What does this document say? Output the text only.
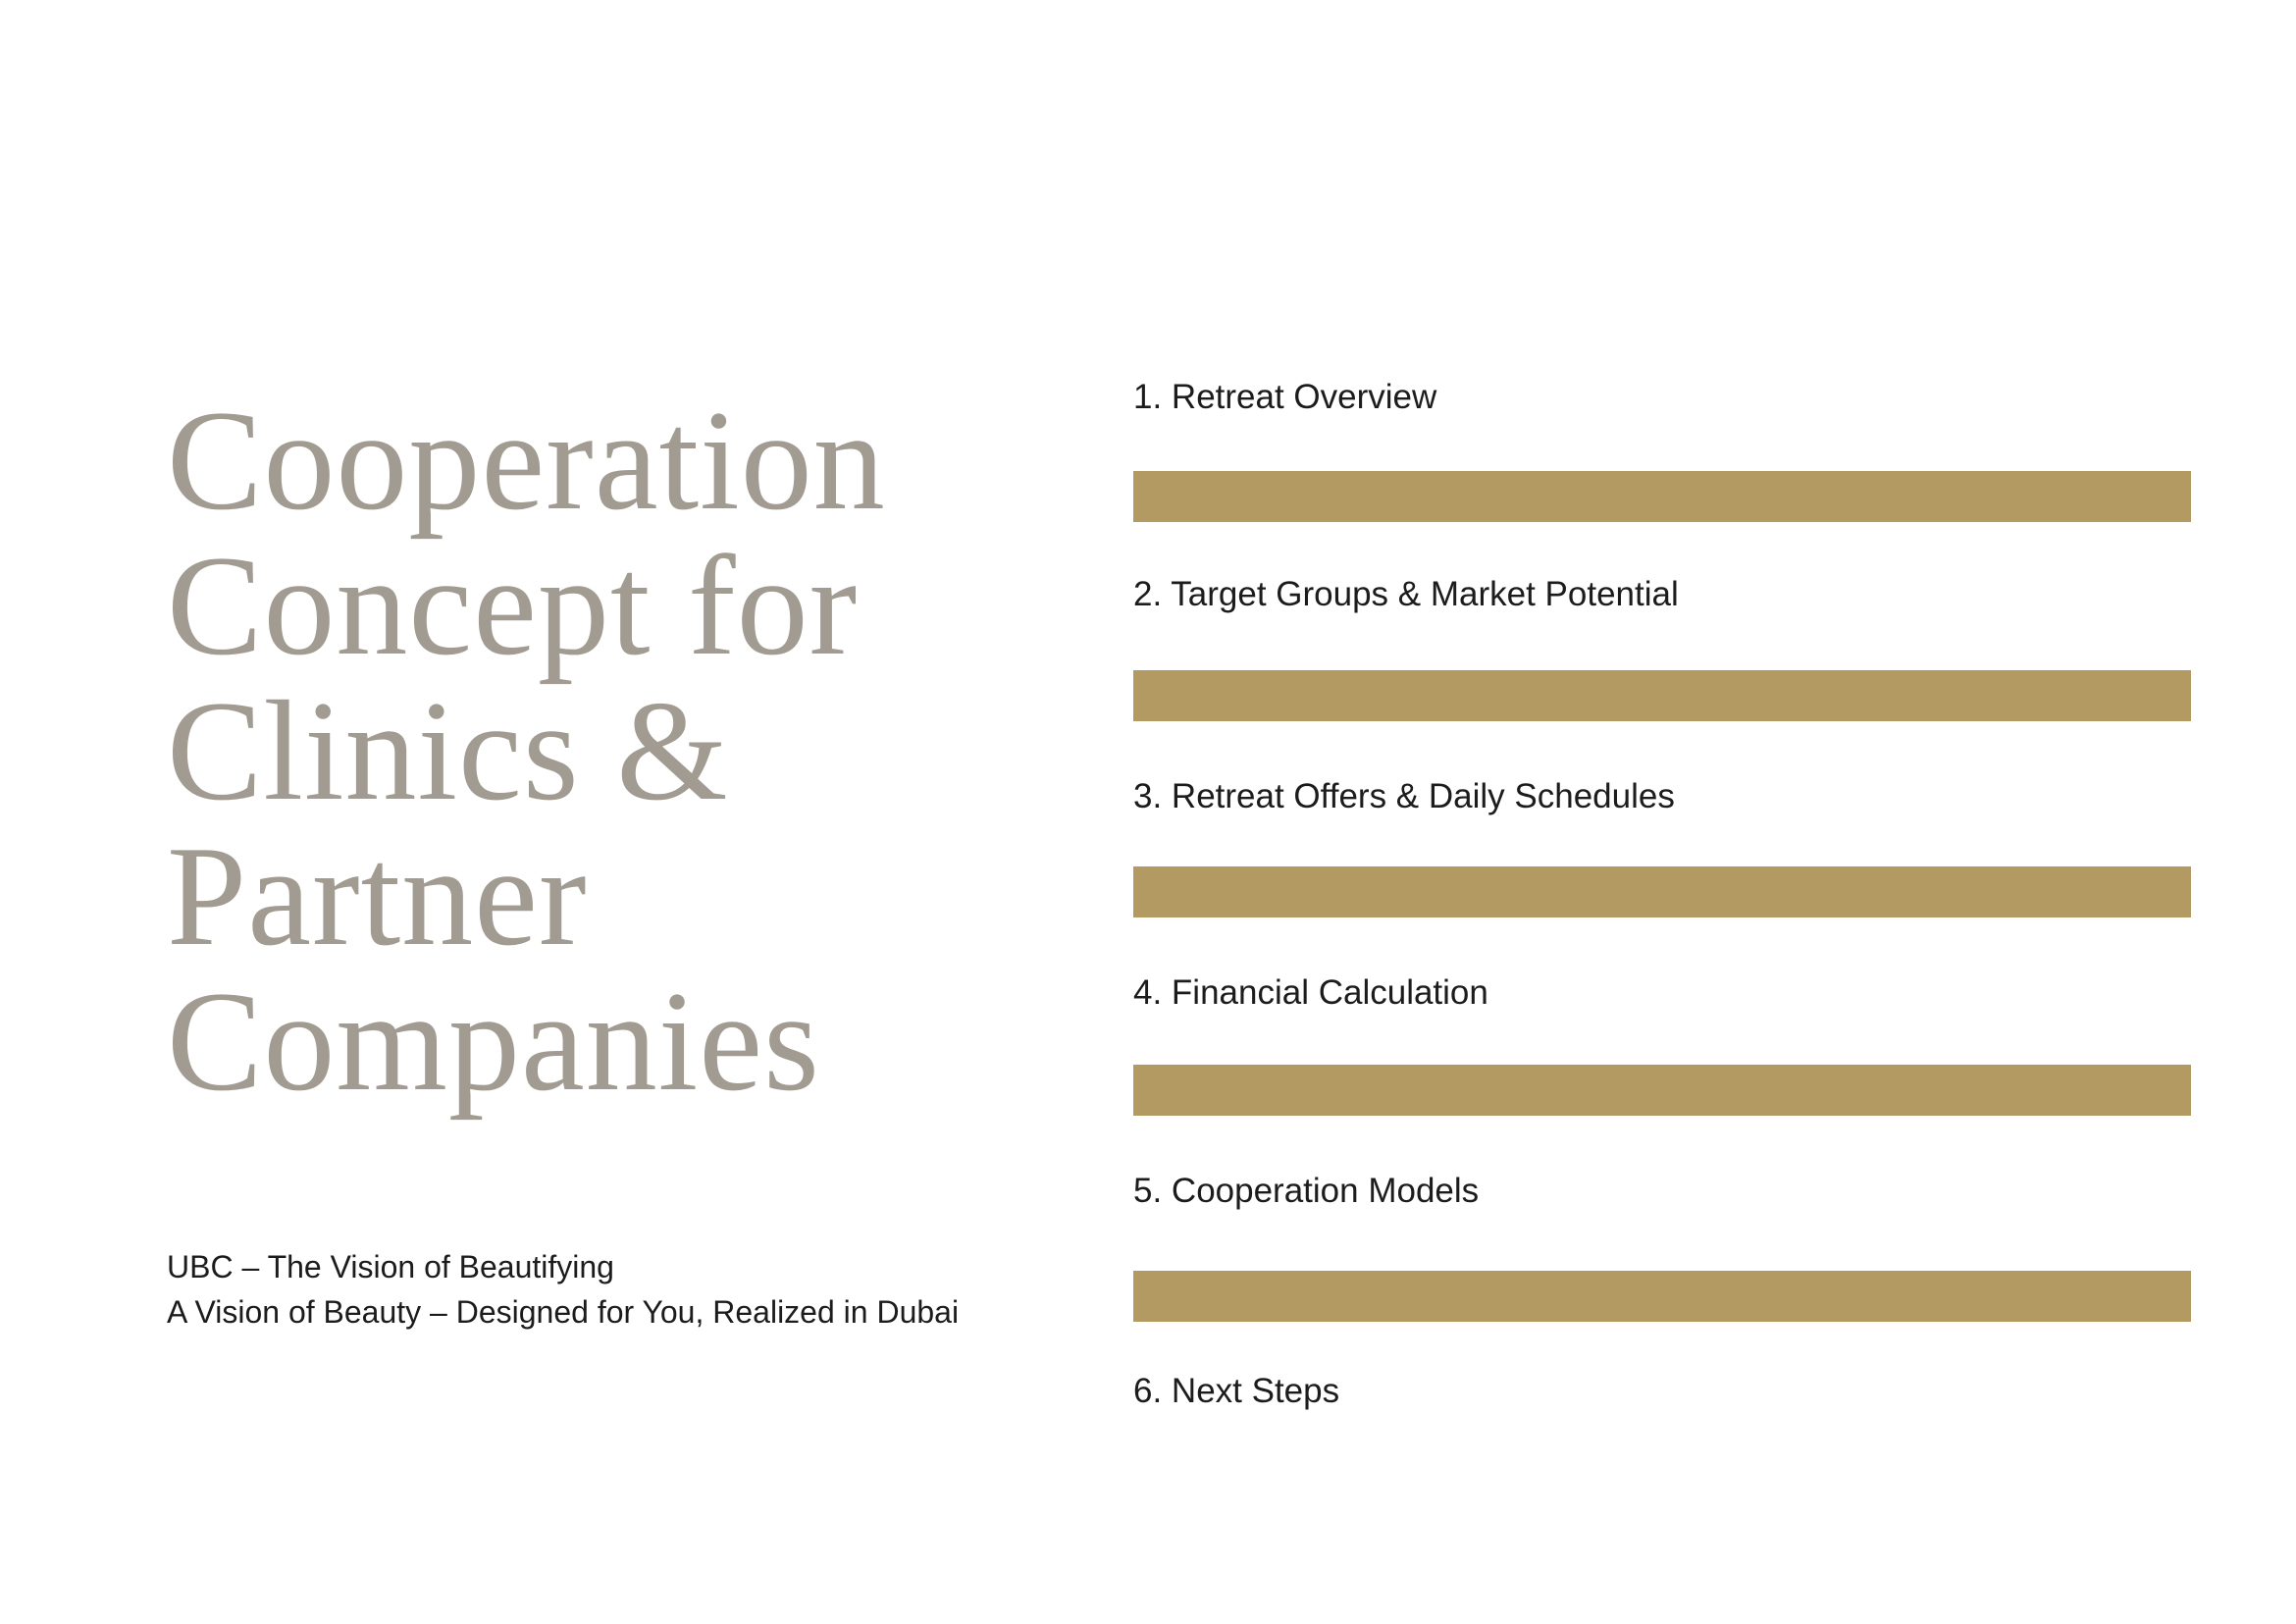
Cooperation
Concept for
Clinics &
Partner
Companies
UBC – The Vision of Beautifying
A Vision of Beauty – Designed for You, Realized in Dubai
1. Retreat Overview
2. Target Groups & Market Potential
3. Retreat Offers & Daily Schedules
4. Financial Calculation
5. Cooperation Models
6. Next Steps
